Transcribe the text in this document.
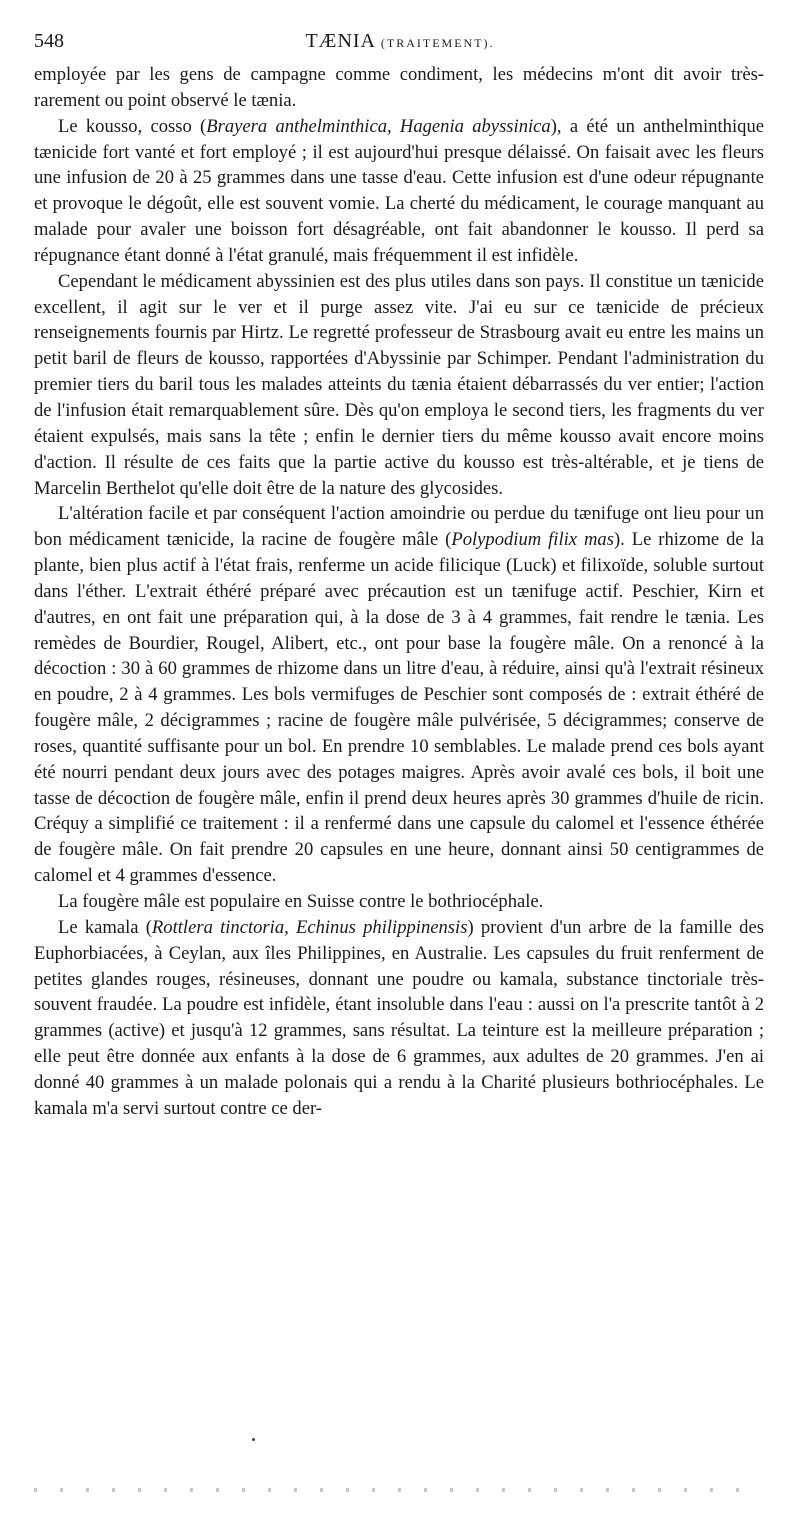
548	TÆNIA (TRAITEMENT).

employée par les gens de campagne comme condiment, les médecins m'ont dit avoir très-rarement ou point observé le tænia.

Le kousso, cosso (Brayera anthelminthica, Hagenia abyssinica), a été un anthelminthique tænicide fort vanté et fort employé ; il est aujourd'hui presque délaissé. On faisait avec les fleurs une infusion de 20 à 25 grammes dans une tasse d'eau. Cette infusion est d'une odeur répugnante et provoque le dégoût, elle est souvent vomie. La cherté du médicament, le courage manquant au malade pour avaler une boisson fort désagréable, ont fait abandonner le kousso. Il perd sa répugnance étant donné à l'état granulé, mais fréquemment il est infidèle.

Cependant le médicament abyssinien est des plus utiles dans son pays. Il constitue un tænicide excellent, il agit sur le ver et il purge assez vite. J'ai eu sur ce tænicide de précieux renseignements fournis par Hirtz. Le regretté professeur de Strasbourg avait eu entre les mains un petit baril de fleurs de kousso, rapportées d'Abyssinie par Schimper. Pendant l'administration du premier tiers du baril tous les malades atteints du tænia étaient débarrassés du ver entier; l'action de l'infusion était remarquablement sûre. Dès qu'on employa le second tiers, les fragments du ver étaient expulsés, mais sans la tête ; enfin le dernier tiers du même kousso avait encore moins d'action. Il résulte de ces faits que la partie active du kousso est très-altérable, et je tiens de Marcelin Berthelot qu'elle doit être de la nature des glycosides.

L'altération facile et par conséquent l'action amoindrie ou perdue du tænifuge ont lieu pour un bon médicament tænicide, la racine de fougère mâle (Polypodium filix mas). Le rhizome de la plante, bien plus actif à l'état frais, renferme un acide filicique (Luck) et filixoïde, soluble surtout dans l'éther. L'extrait éthéré préparé avec précaution est un tænifuge actif. Peschier, Kirn et d'autres, en ont fait une préparation qui, à la dose de 3 à 4 grammes, fait rendre le tænia. Les remèdes de Bourdier, Rougel, Alibert, etc., ont pour base la fougère mâle. On a renoncé à la décoction : 30 à 60 grammes de rhizome dans un litre d'eau, à réduire, ainsi qu'à l'extrait résineux en poudre, 2 à 4 grammes. Les bols vermifuges de Peschier sont composés de : extrait éthéré de fougère mâle, 2 décigrammes ; racine de fougère mâle pulvérisée, 5 décigrammes; conserve de roses, quantité suffisante pour un bol. En prendre 10 semblables. Le malade prend ces bols ayant été nourri pendant deux jours avec des potages maigres. Après avoir avalé ces bols, il boit une tasse de décoction de fougère mâle, enfin il prend deux heures après 30 grammes d'huile de ricin. Créquy a simplifié ce traitement : il a renfermé dans une capsule du calomel et l'essence éthérée de fougère mâle. On fait prendre 20 capsules en une heure, donnant ainsi 50 centigrammes de calomel et 4 grammes d'essence.

La fougère mâle est populaire en Suisse contre le bothriocéphale.

Le kamala (Rottlera tinctoria, Echinus philippinensis) provient d'un arbre de la famille des Euphorbiacées, à Ceylan, aux îles Philippines, en Australie. Les capsules du fruit renferment de petites glandes rouges, résineuses, donnant une poudre ou kamala, substance tinctoriale très-souvent fraudée. La poudre est infidèle, étant insoluble dans l'eau : aussi on l'a prescrite tantôt à 2 grammes (active) et jusqu'à 12 grammes, sans résultat. La teinture est la meilleure préparation ; elle peut être donnée aux enfants à la dose de 6 grammes, aux adultes de 20 grammes. J'en ai donné 40 grammes à un malade polonais qui a rendu à la Charité plusieurs bothriocéphales. Le kamala m'a servi surtout contre ce der-
